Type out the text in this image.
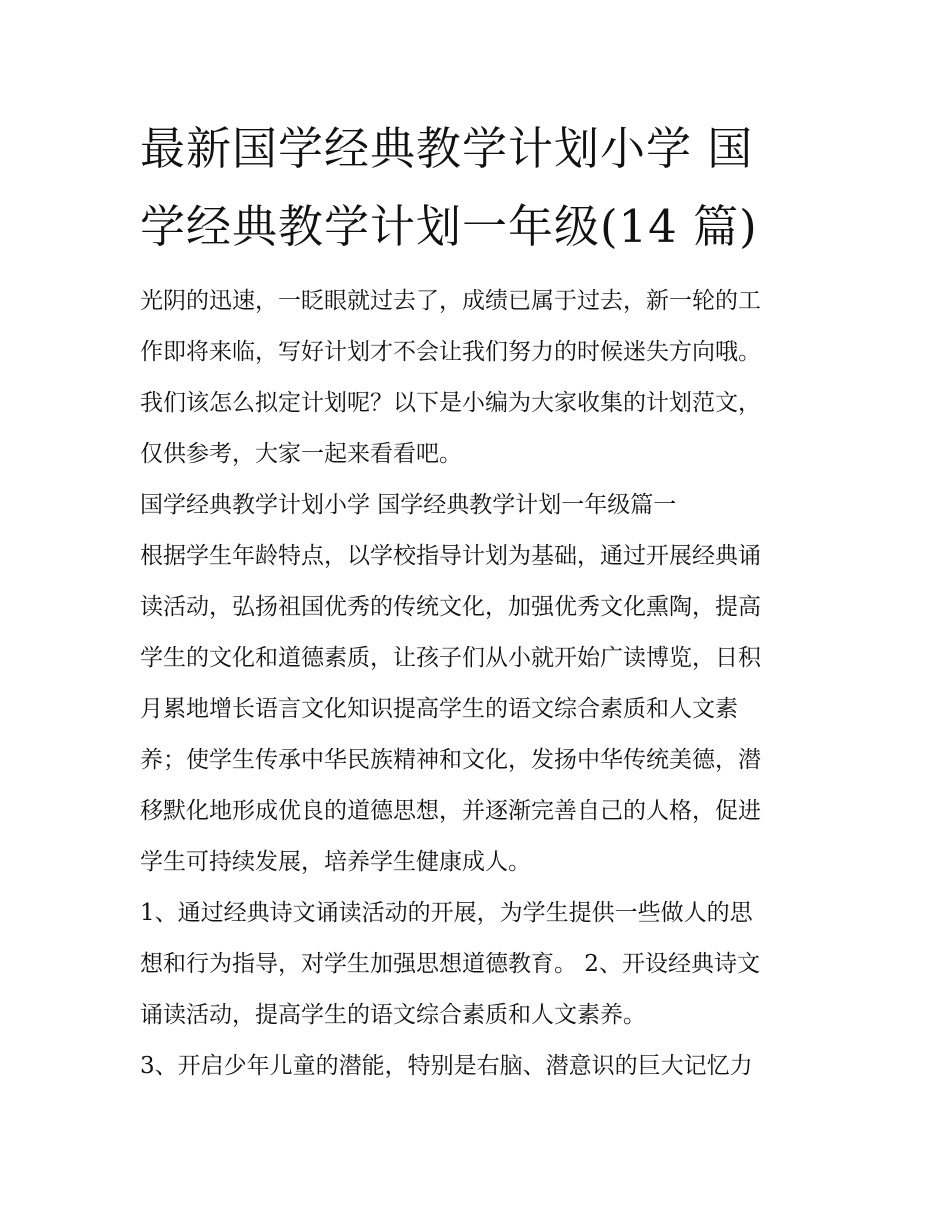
最新国学经典教学计划小学 国
学经典教学计划一年级(14 篇)

光阴的迅速，一眨眼就过去了，成绩已属于过去，新一轮的工
作即将来临，写好计划才不会让我们努力的时候迷失方向哦。
我们该怎么拟定计划呢？以下是小编为大家收集的计划范文，
仅供参考，大家一起来看看吧。

国学经典教学计划小学 国学经典教学计划一年级篇一

根据学生年龄特点，以学校指导计划为基础，通过开展经典诵
读活动，弘扬祖国优秀的传统文化，加强优秀文化熏陶，提高
学生的文化和道德素质，让孩子们从小就开始广读博览，日积
月累地增长语言文化知识提高学生的语文综合素质和人文素
养；使学生传承中华民族精神和文化，发扬中华传统美德，潜
移默化地形成优良的道德思想，并逐渐完善自己的人格，促进
学生可持续发展，培养学生健康成人。

1、通过经典诗文诵读活动的开展，为学生提供一些做人的思
想和行为指导，对学生加强思想道德教育。 2、开设经典诗文
诵读活动，提高学生的语文综合素质和人文素养。

3、开启少年儿童的潜能，特别是右脑、潜意识的巨大记忆力
